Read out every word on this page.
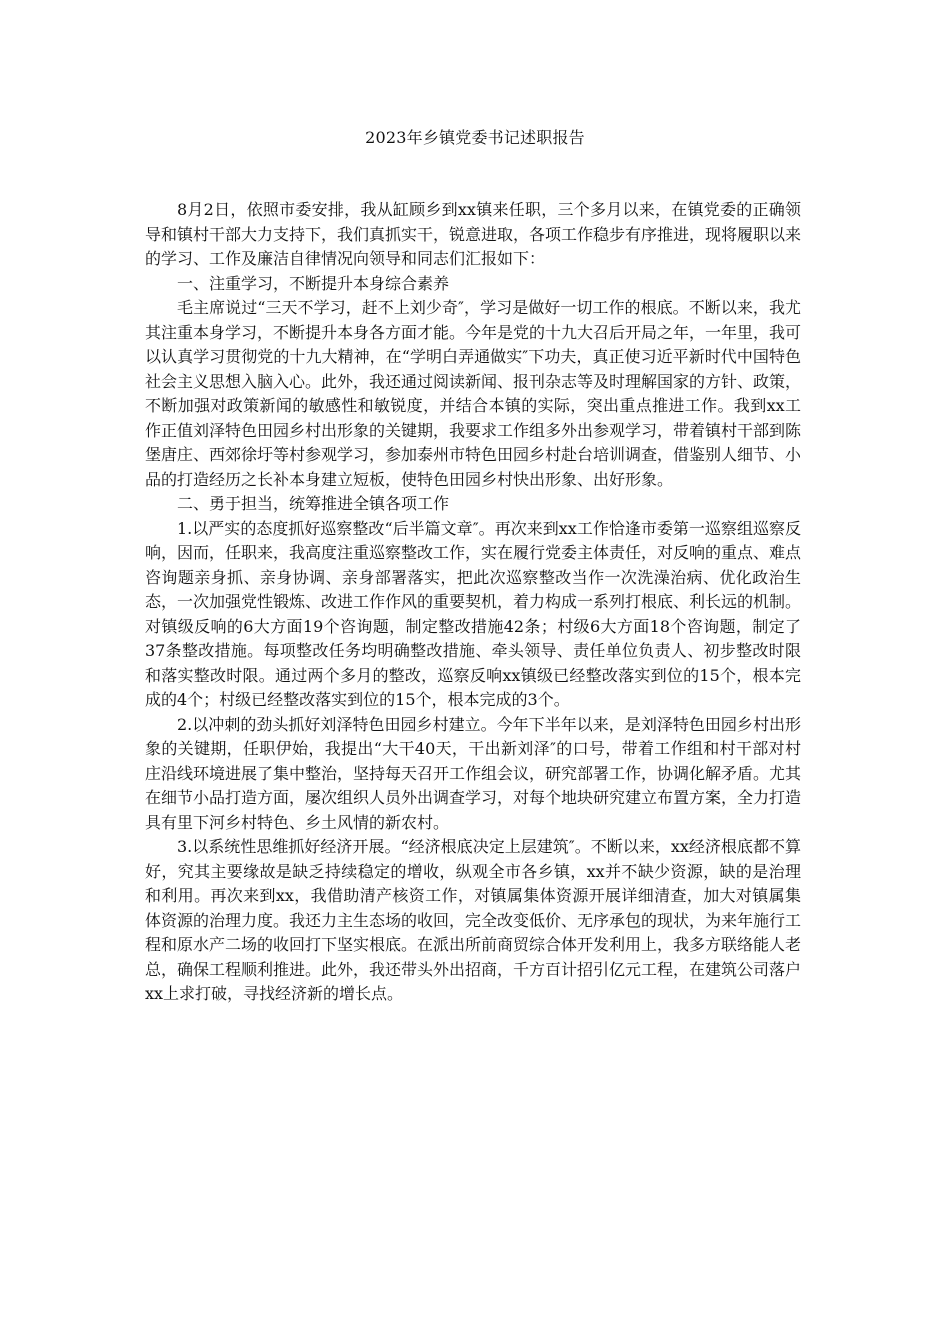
2023年乡镇党委书记述职报告

8月2日，依照市委安排，我从缸顾乡到xx镇来任职，三个多月以来，在镇党委的正确领导和镇村干部大力支持下，我们真抓实干，锐意进取，各项工作稳步有序推进，现将履职以来的学习、工作及廉洁自律情况向领导和同志们汇报如下：

一、注重学习，不断提升本身综合素养

毛主席说过“三天不学习，赶不上刘少奇″，学习是做好一切工作的根底。不断以来，我尤其注重本身学习，不断提升本身各方面才能。今年是党的十九大召后开局之年，一年里，我可以认真学习贯彻党的十九大精神，在“学明白弄通做实″下功夫，真正使习近平新时代中国特色社会主义思想入脑入心。此外，我还通过阅读新闻、报刊杂志等及时理解国家的方针、政策，不断加强对政策新闻的敏感性和敏锐度，并结合本镇的实际，突出重点推进工作。我到xx工作正值刘泽特色田园乡村出形象的关键期，我要求工作组多外出参观学习，带着镇村干部到陈堡唐庄、西郊徐圩等村参观学习，参加泰州市特色田园乡村赴台培训调查，借鉴别人细节、小品的打造经历之长补本身建立短板，使特色田园乡村快出形象、出好形象。

二、勇于担当，统筹推进全镇各项工作

1.以严实的态度抓好巡察整改“后半篇文章″。再次来到xx工作恰逢市委第一巡察组巡察反响，因而，任职来，我高度注重巡察整改工作，实在履行党委主体责任，对反响的重点、难点咨询题亲身抓、亲身协调、亲身部署落实，把此次巡察整改当作一次洗澡治病、优化政治生态，一次加强党性锻炼、改进工作作风的重要契机，着力构成一系列打根底、利长远的机制。对镇级反响的6大方面19个咨询题，制定整改措施42条；村级6大方面18个咨询题，制定了37条整改措施。每项整改任务均明确整改措施、牵头领导、责任单位负责人、初步整改时限和落实整改时限。通过两个多月的整改，巡察反响xx镇级已经整改落实到位的15个，根本完成的4个；村级已经整改落实到位的15个，根本完成的3个。

2.以冲刺的劲头抓好刘泽特色田园乡村建立。今年下半年以来，是刘泽特色田园乡村出形象的关键期，任职伊始，我提出“大干40天，干出新刘泽″的口号，带着工作组和村干部对村庄沿线环境进展了集中整治，坚持每天召开工作组会议，研究部署工作，协调化解矛盾。尤其在细节小品打造方面，屡次组织人员外出调查学习，对每个地块研究建立布置方案，全力打造具有里下河乡村特色、乡土风情的新农村。

3.以系统性思维抓好经济开展。“经济根底决定上层建筑″。不断以来，xx经济根底都不算好，究其主要缘故是缺乏持续稳定的增收，纵观全市各乡镇，xx并不缺少资源，缺的是治理和利用。再次来到xx，我借助清产核资工作，对镇属集体资源开展详细清查，加大对镇属集体资源的治理力度。我还力主生态场的收回，完全改变低价、无序承包的现状，为来年施行工程和原水产二场的收回打下坚实根底。在派出所前商贸综合体开发利用上，我多方联络能人老总，确保工程顺利推进。此外，我还带头外出招商，千方百计招引亿元工程，在建筑公司落户xx上求打破，寻找经济新的增长点。
